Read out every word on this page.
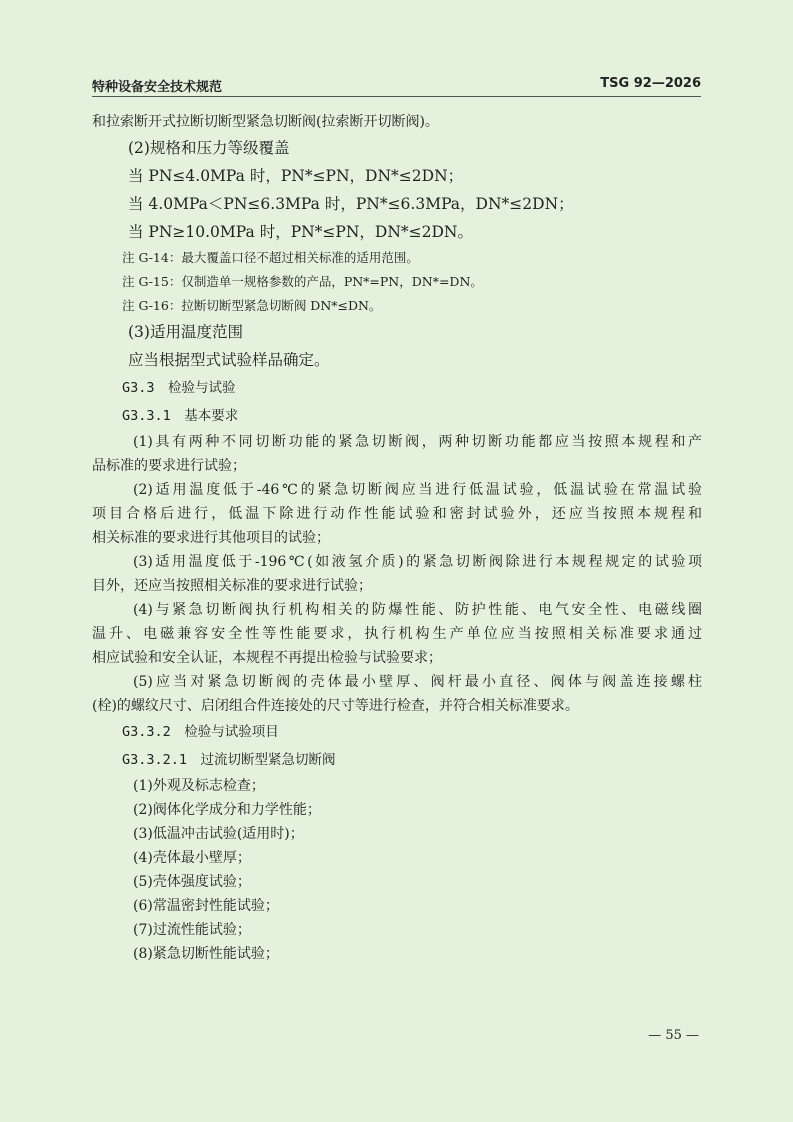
特种设备安全技术规范	TSG 92—2026
和拉索断开式拉断切断型紧急切断阀(拉索断开切断阀)。
(2)规格和压力等级覆盖
当 PN≤4.0MPa 时，PN*≤PN，DN*≤2DN；
当 4.0MPa＜PN≤6.3MPa 时，PN*≤6.3MPa，DN*≤2DN；
当 PN≥10.0MPa 时，PN*≤PN，DN*≤2DN。
注 G-14：最大覆盖口径不超过相关标准的适用范围。
注 G-15：仅制造单一规格参数的产品，PN*=PN，DN*=DN。
注 G-16：拉断切断型紧急切断阀 DN*≤DN。
(3)适用温度范围
应当根据型式试验样品确定。
G3.3　检验与试验
G3.3.1　基本要求
(1)具有两种不同切断功能的紧急切断阀，两种切断功能都应当按照本规程和产
品标准的要求进行试验；
(2)适用温度低于-46℃的紧急切断阀应当进行低温试验，低温试验在常温试验
项目合格后进行，低温下除进行动作性能试验和密封试验外，还应当按照本规程和
相关标准的要求进行其他项目的试验；
(3)适用温度低于-196℃(如液氢介质)的紧急切断阀除进行本规程规定的试验项
目外，还应当按照相关标准的要求进行试验；
(4)与紧急切断阀执行机构相关的防爆性能、防护性能、电气安全性、电磁线圈
温升、电磁兼容安全性等性能要求，执行机构生产单位应当按照相关标准要求通过
相应试验和安全认证，本规程不再提出检验与试验要求；
(5)应当对紧急切断阀的壳体最小壁厚、阀杆最小直径、阀体与阀盖连接螺柱
(栓)的螺纹尺寸、启闭组合件连接处的尺寸等进行检查，并符合相关标准要求。
G3.3.2　检验与试验项目
G3.3.2.1　过流切断型紧急切断阀
(1)外观及标志检查；
(2)阀体化学成分和力学性能；
(3)低温冲击试验(适用时)；
(4)壳体最小壁厚；
(5)壳体强度试验；
(6)常温密封性能试验；
(7)过流性能试验；
(8)紧急切断性能试验；
— 55 —
